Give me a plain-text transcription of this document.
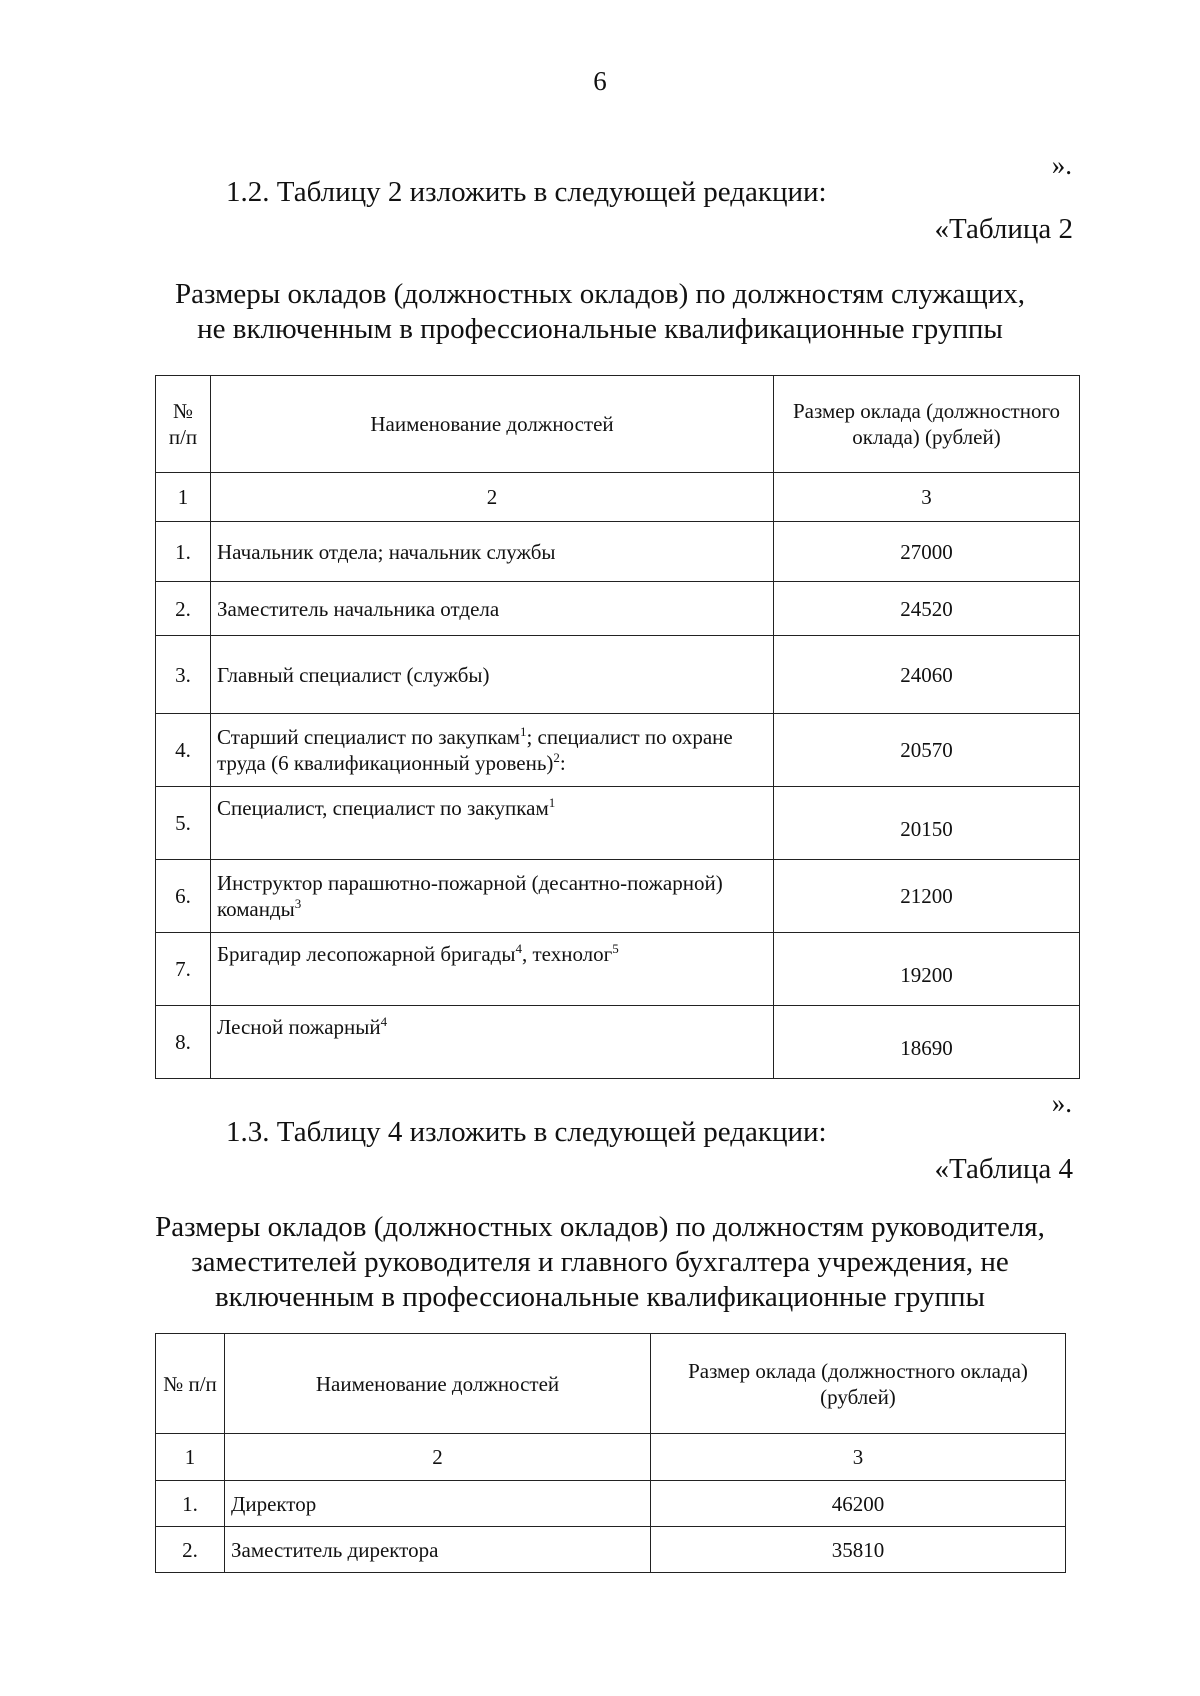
6
».
1.2. Таблицу 2 изложить в следующей редакции:
«Таблица 2
Размеры окладов (должностных окладов) по должностям служащих,
не включенным в профессиональные квалификационные группы
№ п/п	Наименование должностей	Размер оклада (должностного оклада) (рублей)
1	2	3
1.	Начальник отдела; начальник службы	27000
2.	Заместитель начальника отдела	24520
3.	Главный специалист (службы)	24060
4.	Старший специалист по закупкам$^1$; специалист по охране труда (6 квалификационный уровень)$^2$:	20570
5.	Специалист, специалист по закупкам$^1$	20150
6.	Инструктор парашютно-пожарной (десантно-пожарной) команды$^3$	21200
7.	Бригадир лесопожарной бригады$^4$, технолог$^5$	19200
8.	Лесной пожарный$^4$	18690
».
1.3. Таблицу 4 изложить в следующей редакции:
«Таблица 4
Размеры окладов (должностных окладов) по должностям руководителя,
заместителей руководителя и главного бухгалтера учреждения, не
включенным в профессиональные квалификационные группы
№ п/п	Наименование должностей	Размер оклада (должностного оклада) (рублей)
1	2	3
1.	Директор	46200
2.	Заместитель директора	35810
